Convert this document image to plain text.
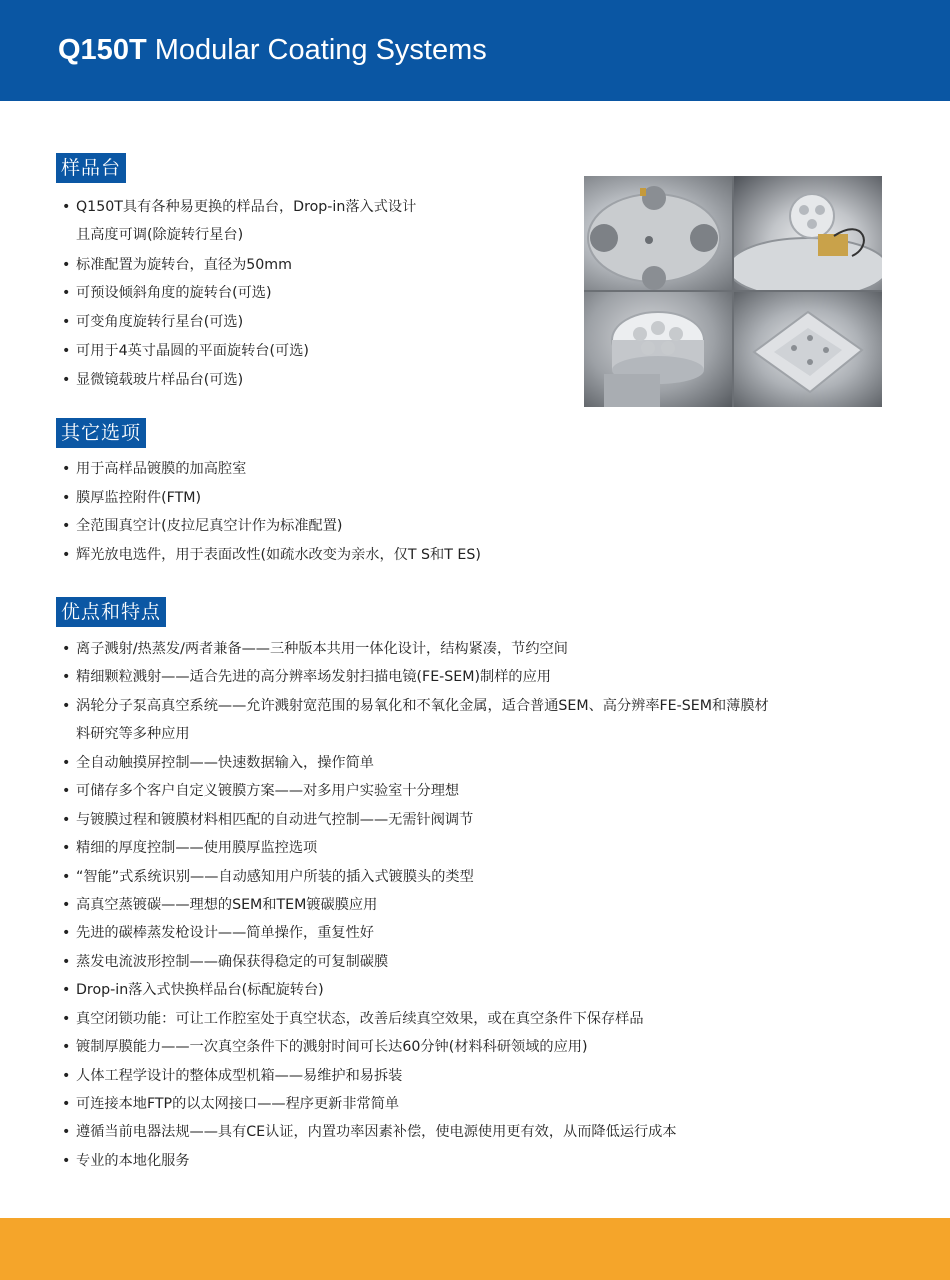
Q150T Modular Coating Systems
样品台
• Q150T具有各种易更换的样品台，Drop-in落入式设计
且高度可调(除旋转行星台)
• 标准配置为旋转台，直径为50mm
• 可预设倾斜角度的旋转台(可选)
• 可变角度旋转行星台(可选)
• 可用于4英寸晶圆的平面旋转台(可选)
• 显微镜载玻片样品台(可选)
其它选项
• 用于高样品镀膜的加高腔室
• 膜厚监控附件(FTM)
• 全范围真空计(皮拉尼真空计作为标准配置)
• 辉光放电选件，用于表面改性(如疏水改变为亲水，仅T S和T ES)
优点和特点
• 离子溅射/热蒸发/两者兼备——三种版本共用一体化设计，结构紧凑，节约空间
• 精细颗粒溅射——适合先进的高分辨率场发射扫描电镜(FE-SEM)制样的应用
• 涡轮分子泵高真空系统——允许溅射宽范围的易氧化和不氧化金属，适合普通SEM、高分辨率FE-SEM和薄膜材
料研究等多种应用
• 全自动触摸屏控制——快速数据输入，操作简单
• 可储存多个客户自定义镀膜方案——对多用户实验室十分理想
• 与镀膜过程和镀膜材料相匹配的自动进气控制——无需针阀调节
• 精细的厚度控制——使用膜厚监控选项
• “智能”式系统识别——自动感知用户所装的插入式镀膜头的类型
• 高真空蒸镀碳——理想的SEM和TEM镀碳膜应用
• 先进的碳棒蒸发枪设计——简单操作，重复性好
• 蒸发电流波形控制——确保获得稳定的可复制碳膜
• Drop-in落入式快换样品台(标配旋转台)
• 真空闭锁功能：可让工作腔室处于真空状态，改善后续真空效果，或在真空条件下保存样品
• 镀制厚膜能力——一次真空条件下的溅射时间可长达60分钟(材料科研领域的应用)
• 人体工程学设计的整体成型机箱——易维护和易拆装
• 可连接本地FTP的以太网接口——程序更新非常简单
• 遵循当前电器法规——具有CE认证，内置功率因素补偿，使电源使用更有效，从而降低运行成本
• 专业的本地化服务
